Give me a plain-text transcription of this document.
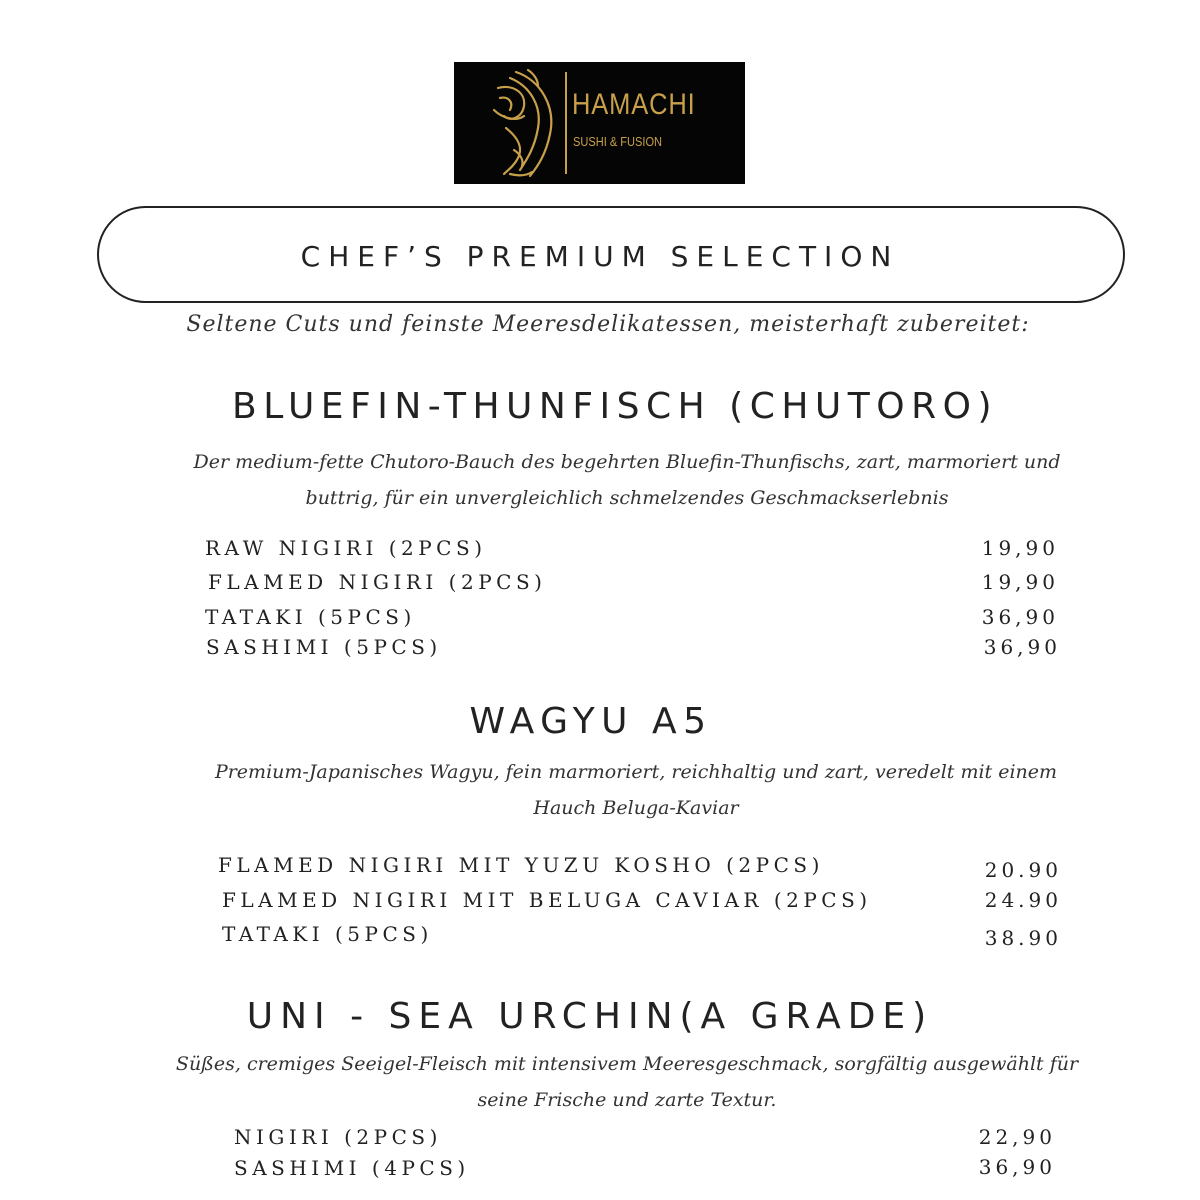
HAMACHI
SUSHI & FUSION
CHEF’S PREMIUM SELECTION
Seltene Cuts und feinste Meeresdelikatessen, meisterhaft zubereitet:
BLUEFIN-THUNFISCH (CHUTORO)
Der medium-fette Chutoro-Bauch des begehrten Bluefin-Thunfischs, zart, marmoriert und
buttrig, für ein unvergleichlich schmelzendes Geschmackserlebnis
RAW NIGIRI (2PCS)	19,90
FLAMED NIGIRI (2PCS)	19,90
TATAKI (5PCS)	36,90
SASHIMI (5PCS)	36,90
WAGYU A5
Premium-Japanisches Wagyu, fein marmoriert, reichhaltig und zart, veredelt mit einem
Hauch Beluga-Kaviar
FLAMED NIGIRI MIT YUZU KOSHO (2PCS)	20.90
FLAMED NIGIRI MIT BELUGA CAVIAR (2PCS)	24.90
TATAKI (5PCS)	38.90
UNI - SEA URCHIN(A GRADE)
Süßes, cremiges Seeigel-Fleisch mit intensivem Meeresgeschmack, sorgfältig ausgewählt für
seine Frische und zarte Textur.
NIGIRI (2PCS)	22,90
SASHIMI (4PCS)	36,90
